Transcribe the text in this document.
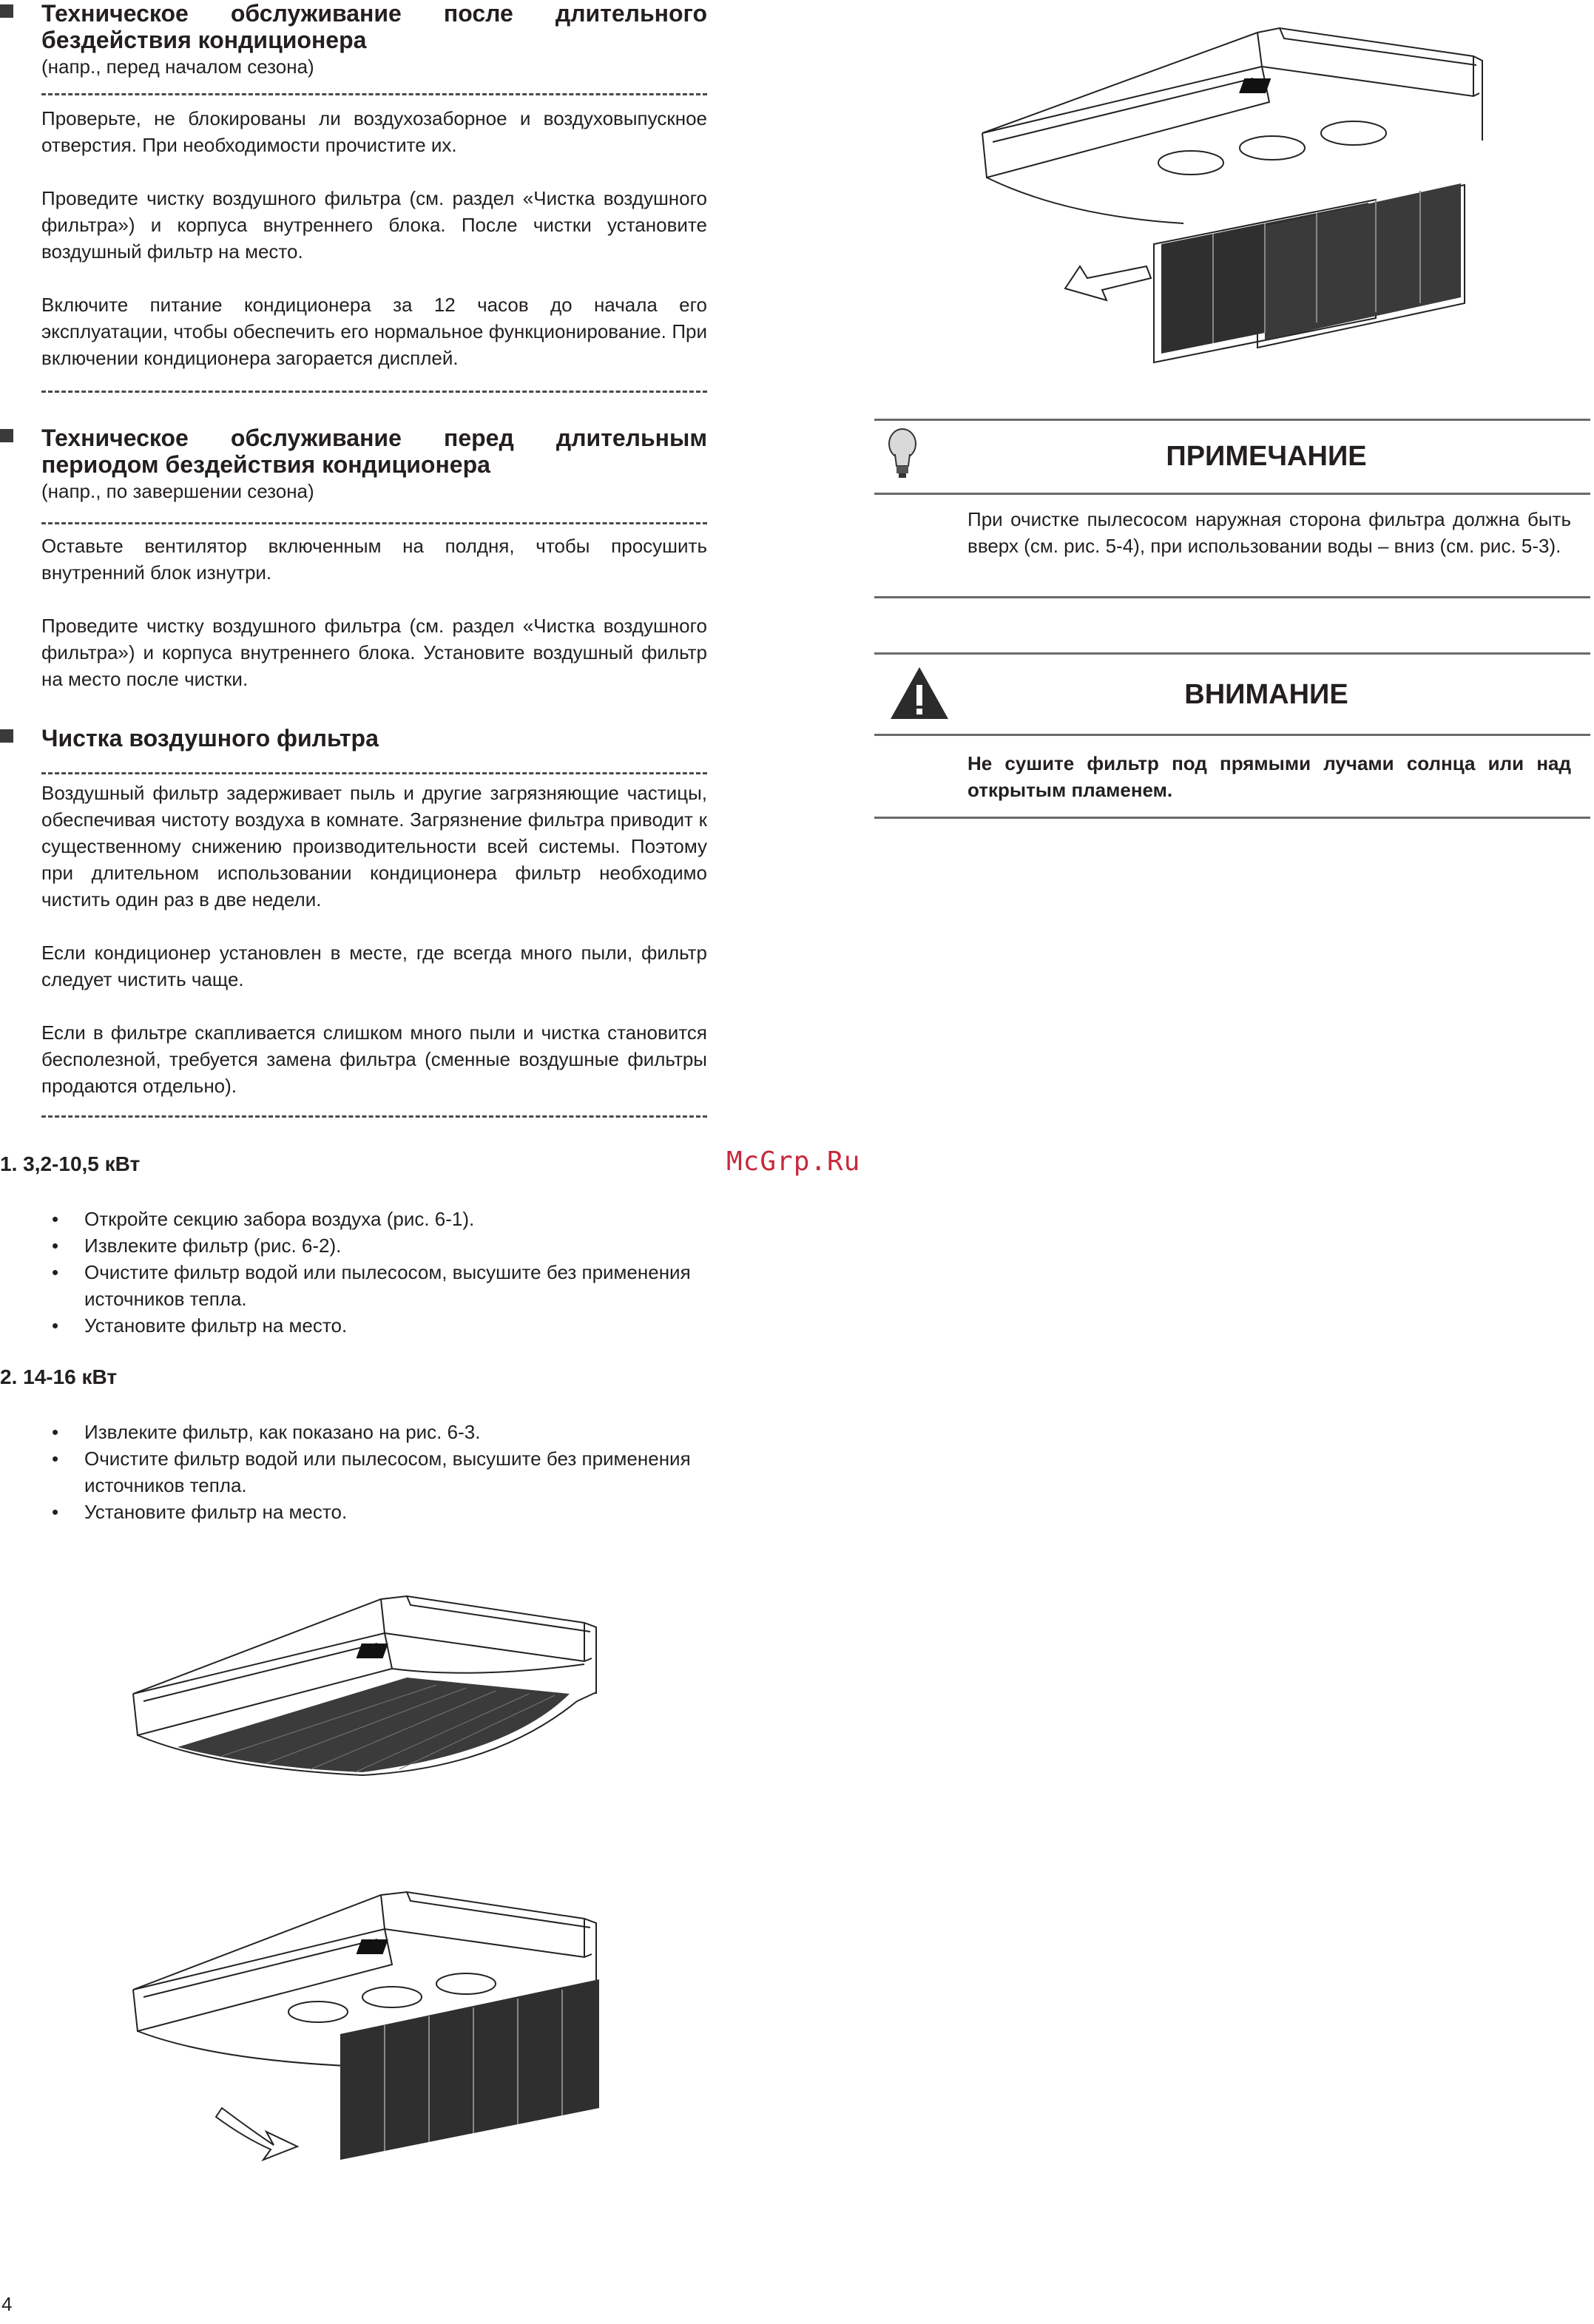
Техническое обслуживание после длительного бездействия кондиционера
(напр., перед началом сезона)

Проверьте, не блокированы ли воздухозаборное и воздуховыпускное отверстия. При необходимости прочистите их.

Проведите чистку воздушного фильтра (см. раздел «Чистка воздушного фильтра») и корпуса внутреннего блока. После чистки установите воздушный фильтр на место.

Включите питание кондиционера за 12 часов до начала его эксплуатации, чтобы обеспечить его нормальное функционирование. При включении кондиционера загорается дисплей.

Техническое обслуживание перед длительным периодом бездействия кондиционера
(напр., по завершении сезона)

Оставьте вентилятор включенным на полдня, чтобы просушить внутренний блок изнутри.

Проведите чистку воздушного фильтра (см. раздел «Чистка воздушного фильтра») и корпуса внутреннего блока. Установите воздушный фильтр на место после чистки.

Чистка воздушного фильтра

Воздушный фильтр задерживает пыль и другие загрязняющие частицы, обеспечивая чистоту воздуха в комнате. Загрязнение фильтра приводит к существенному снижению производительности всей системы. Поэтому при длительном использовании кондиционера фильтр необходимо чистить один раз в две недели.

Если кондиционер установлен в месте, где всегда много пыли, фильтр следует чистить чаще.

Если в фильтре скапливается слишком много пыли и чистка становится бесполезной, требуется замена фильтра (сменные воздушные фильтры продаются отдельно).

1. 3,2-10,5 кВт
• Откройте секцию забора воздуха (рис. 6-1).
• Извлеките фильтр (рис. 6-2).
• Очистите фильтр водой или пылесосом, высушите без применения источников тепла.
• Установите фильтр на место.
2. 14-16 кВт
• Извлеките фильтр, как показано на рис. 6-3.
• Очистите фильтр водой или пылесосом, высушите без применения источников тепла.
• Установите фильтр на место.
ПРИМЕЧАНИЕ
При очистке пылесосом наружная сторона фильтра должна быть вверх (см. рис. 5-4), при использовании воды – вниз (см. рис. 5-3).
ВНИМАНИЕ
Не сушите фильтр под прямыми лучами солнца или над открытым пламенем.
McGrp.Ru
4
